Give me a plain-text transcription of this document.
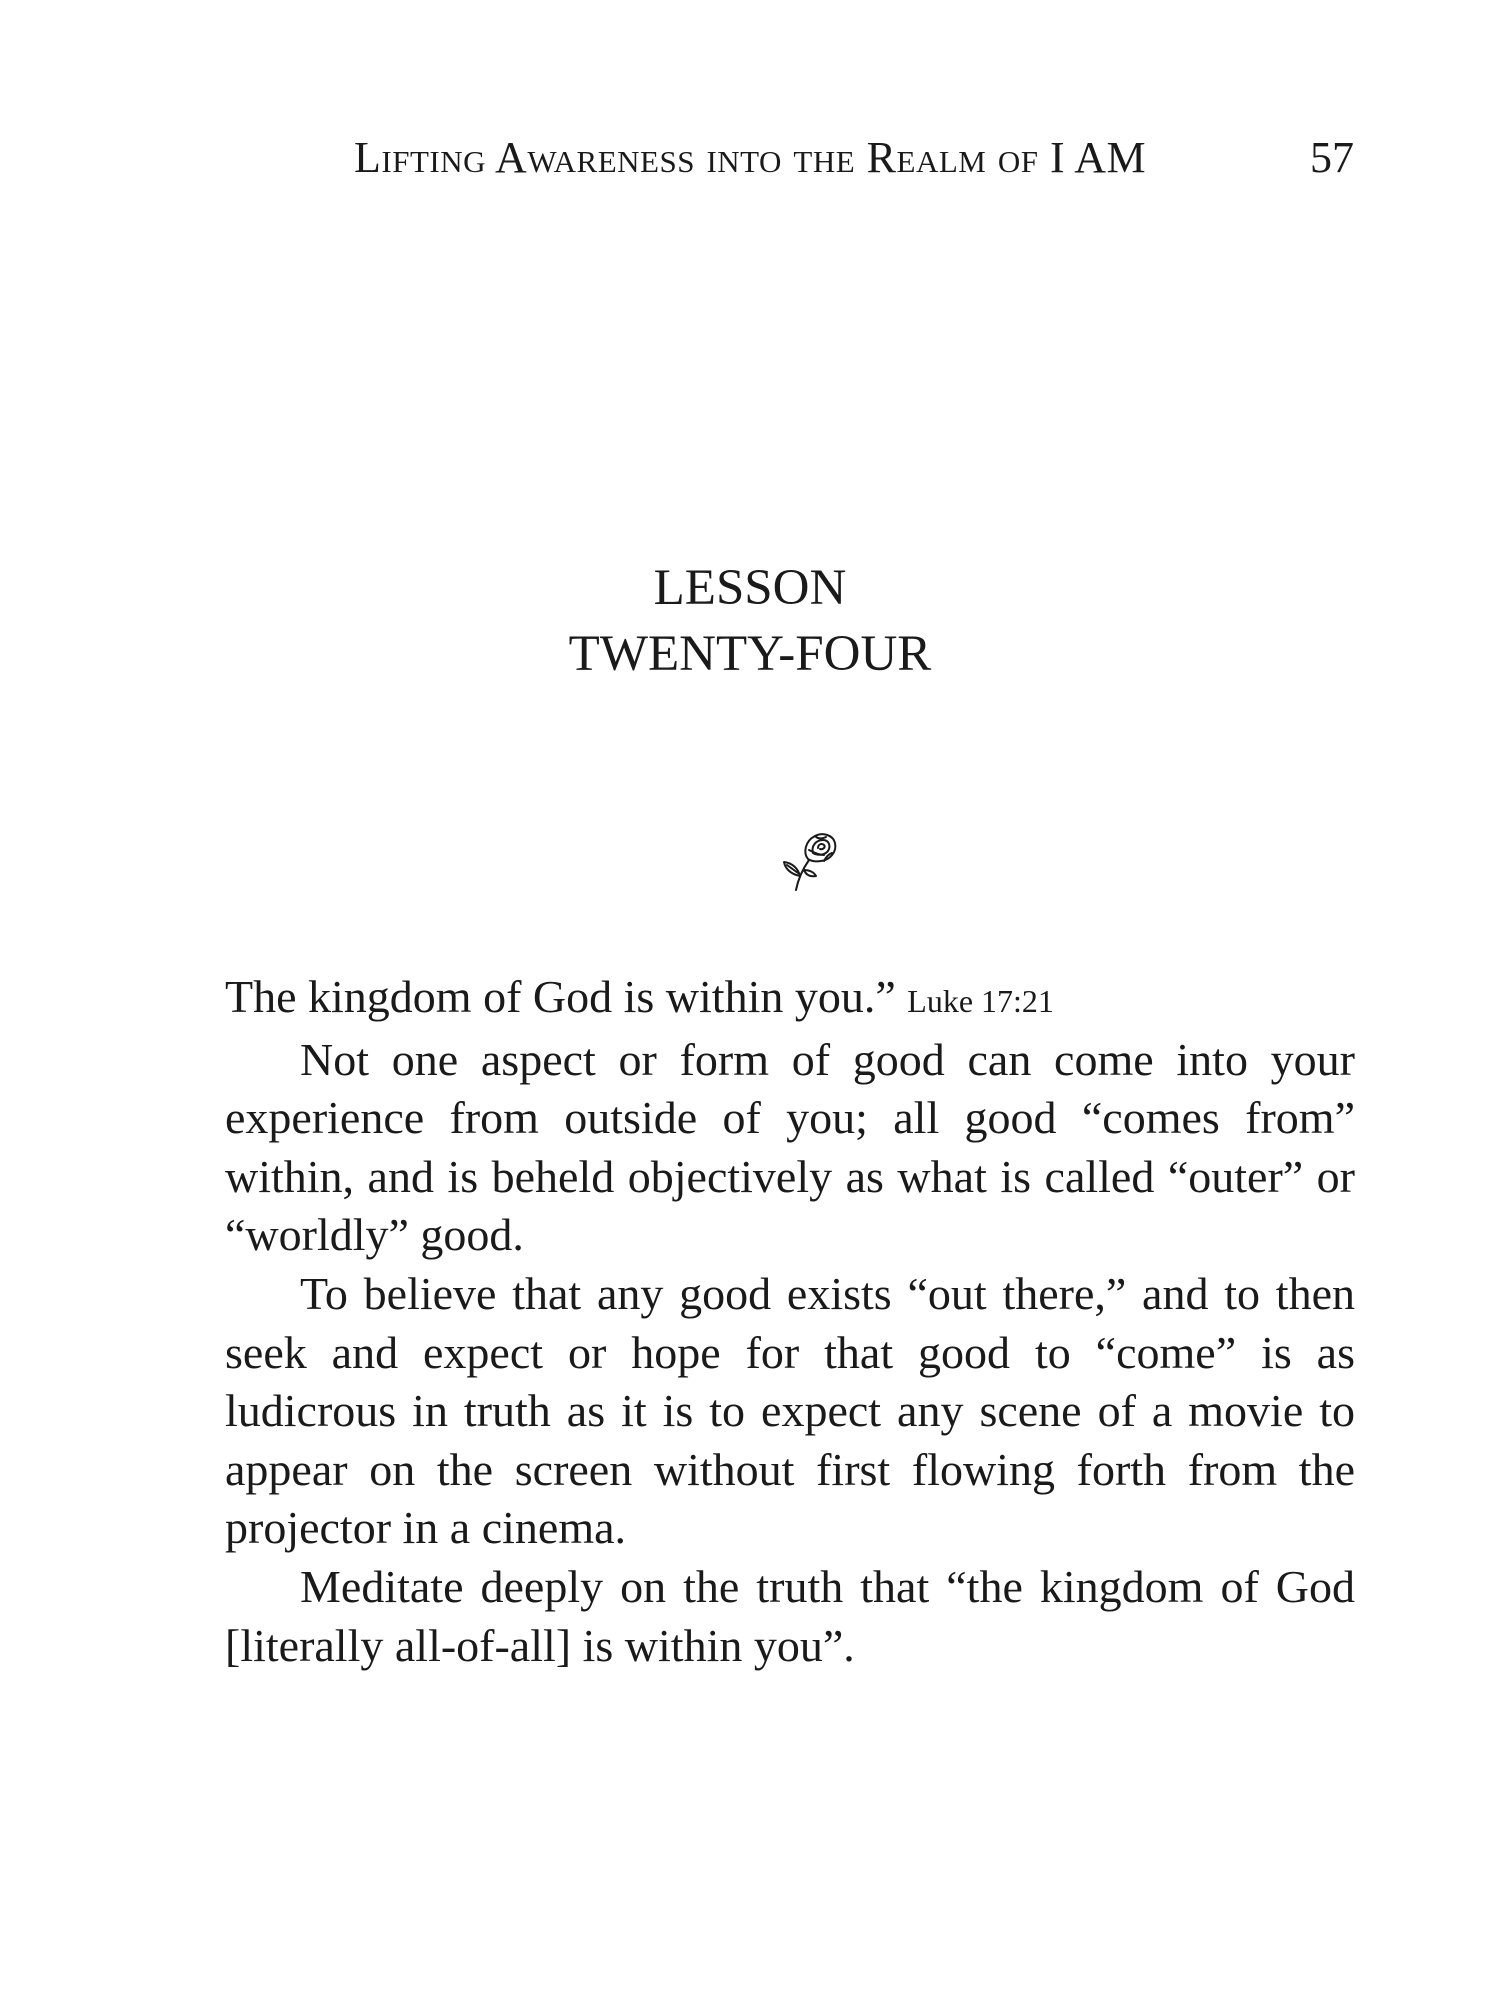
Lifting Awareness into the Realm of I AM	57
LESSON
TWENTY-FOUR

The kingdom of God is within you.” Luke 17:21

Not one aspect or form of good can come into your experience from outside of you; all good “comes from” within, and is beheld objectively as what is called “outer” or “worldly” good.

To believe that any good exists “out there,” and to then seek and expect or hope for that good to “come” is as ludicrous in truth as it is to expect any scene of a movie to appear on the screen without first flowing forth from the projector in a cinema.

Meditate deeply on the truth that “the kingdom of God [literally all-of-all] is within you”.
